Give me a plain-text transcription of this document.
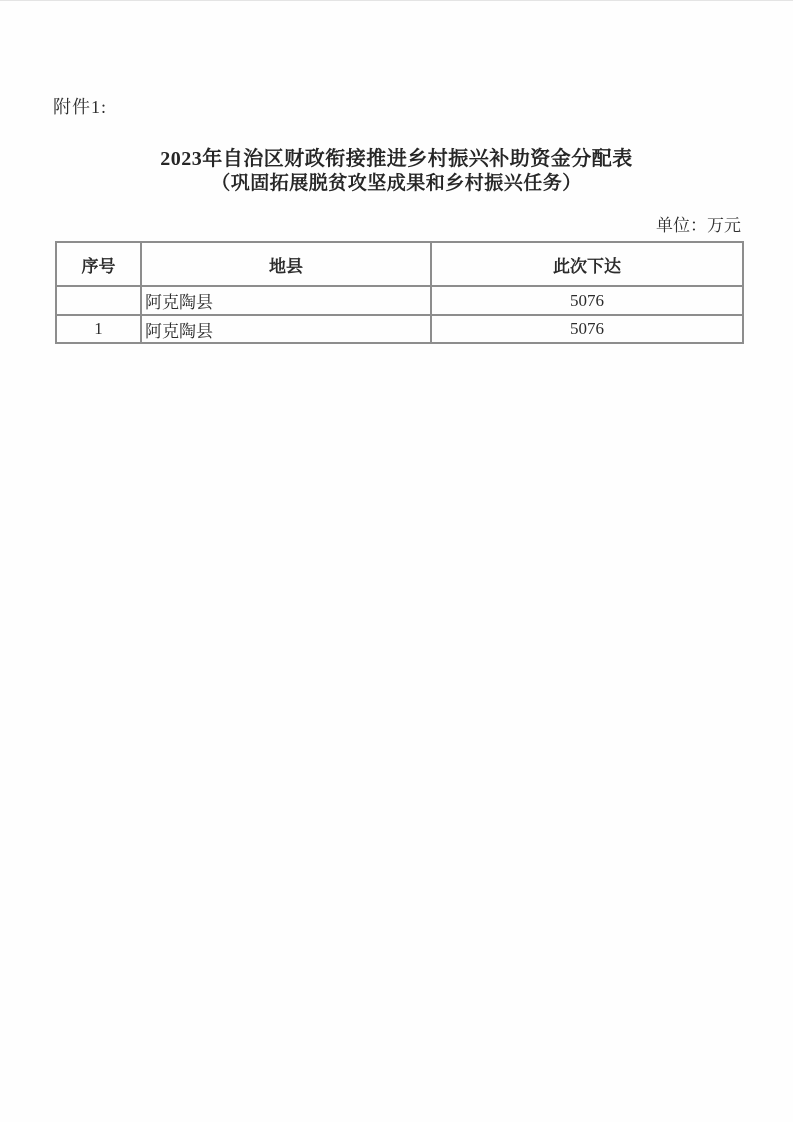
附件1:
2023年自治区财政衔接推进乡村振兴补助资金分配表
（巩固拓展脱贫攻坚成果和乡村振兴任务）
单位：万元
序号	地县	此次下达
	阿克陶县	5076
1	阿克陶县	5076
